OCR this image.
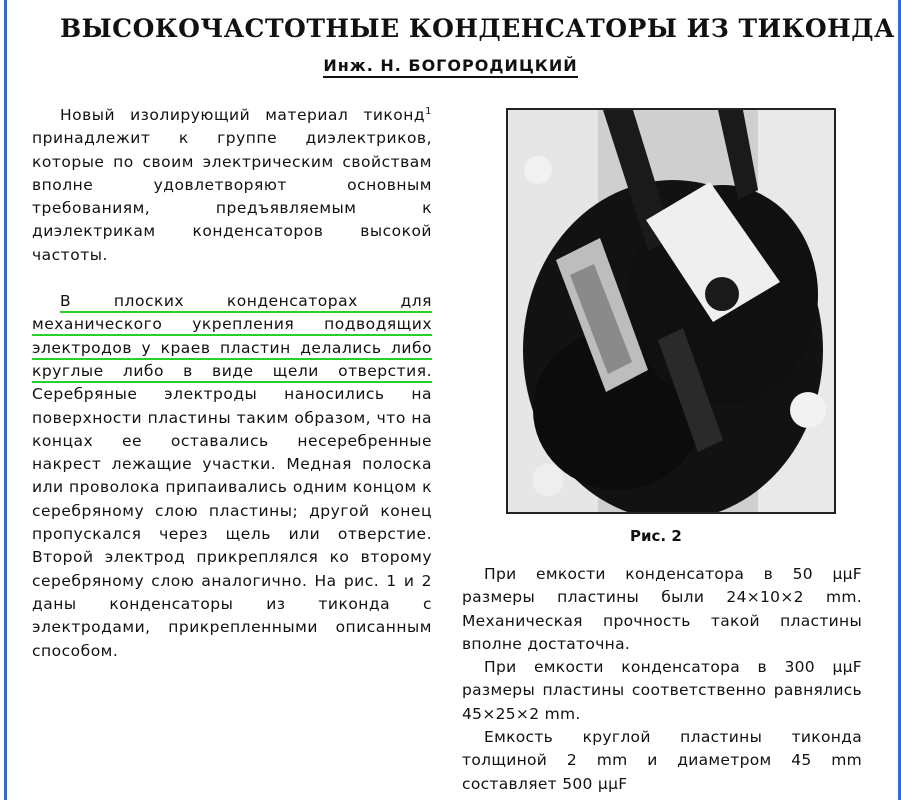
ВЫСОКОЧАСТОТНЫЕ КОНДЕНСАТОРЫ ИЗ ТИКОНДА
Инж. Н. БОГОРОДИЦКИЙ

Новый изолирующий материал тиконд$^1$ принадлежит к группе диэлектриков, которые по своим электрическим свойствам вполне удовлетворяют основным требованиям, предъявляемым к диэлектрикам конденсаторов высокой частоты.

В плоских конденсаторах для механического укрепления подводящих электродов у краев пластин делались либо круглые либо в виде щели отверстия. Серебряные электроды наносились на поверхности пластины таким образом, что на концах ее оставались несеребренные накрест лежащие участки. Медная полоска или проволока припаивались одним концом к серебряному слою пластины; другой конец пропускался через щель или отверстие. Второй электрод прикреплялся ко второму серебряному слою аналогично. На рис. 1 и 2 даны конденсаторы из тиконда с электродами, прикрепленными описанным способом.

Рис. 2

При емкости конденсатора в 50 μμF размеры пластины были 24×10×2 mm. Механическая прочность такой пластины вполне достаточна.

При емкости конденсатора в 300 μμF размеры пластины соответственно равнялись 45×25×2 mm.

Емкость круглой пластины тиконда толщиной 2 mm и диаметром 45 mm составляет 500 μμF
